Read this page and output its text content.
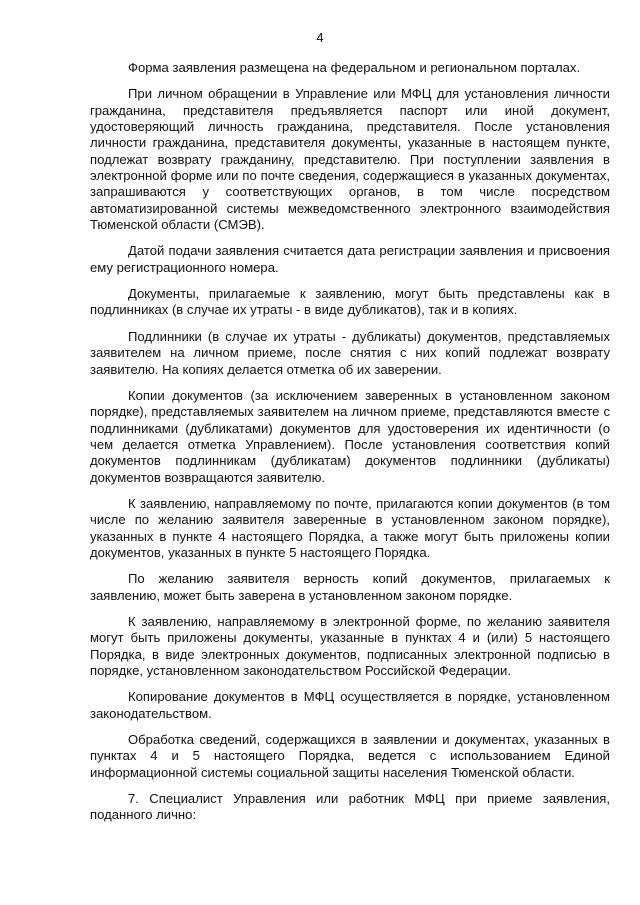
4

Форма заявления размещена на федеральном и региональном порталах.

При личном обращении в Управление или МФЦ для установления личности гражданина, представителя предъявляется паспорт или иной документ, удостоверяющий личность гражданина, представителя. После установления личности гражданина, представителя документы, указанные в настоящем пункте, подлежат возврату гражданину, представителю. При поступлении заявления в электронной форме или по почте сведения, содержащиеся в указанных документах, запрашиваются у соответствующих органов, в том числе посредством автоматизированной системы межведомственного электронного взаимодействия Тюменской области (СМЭВ).

Датой подачи заявления считается дата регистрации заявления и присвоения ему регистрационного номера.

Документы, прилагаемые к заявлению, могут быть представлены как в подлинниках (в случае их утраты - в виде дубликатов), так и в копиях.

Подлинники (в случае их утраты - дубликаты) документов, представляемых заявителем на личном приеме, после снятия с них копий подлежат возврату заявителю. На копиях делается отметка об их заверении.

Копии документов (за исключением заверенных в установленном законом порядке), представляемых заявителем на личном приеме, представляются вместе с подлинниками (дубликатами) документов для удостоверения их идентичности (о чем делается отметка Управлением). После установления соответствия копий документов подлинникам (дубликатам) документов подлинники (дубликаты) документов возвращаются заявителю.

К заявлению, направляемому по почте, прилагаются копии документов (в том числе по желанию заявителя заверенные в установленном законом порядке), указанных в пункте 4 настоящего Порядка, а также могут быть приложены копии документов, указанных в пункте 5 настоящего Порядка.

По желанию заявителя верность копий документов, прилагаемых к заявлению, может быть заверена в установленном законом порядке.

К заявлению, направляемому в электронной форме, по желанию заявителя могут быть приложены документы, указанные в пунктах 4 и (или) 5 настоящего Порядка, в виде электронных документов, подписанных электронной подписью в порядке, установленном законодательством Российской Федерации.

Копирование документов в МФЦ осуществляется в порядке, установленном законодательством.

Обработка сведений, содержащихся в заявлении и документах, указанных в пунктах 4 и 5 настоящего Порядка, ведется с использованием Единой информационной системы социальной защиты населения Тюменской области.

7. Специалист Управления или работник МФЦ при приеме заявления, поданного лично:
